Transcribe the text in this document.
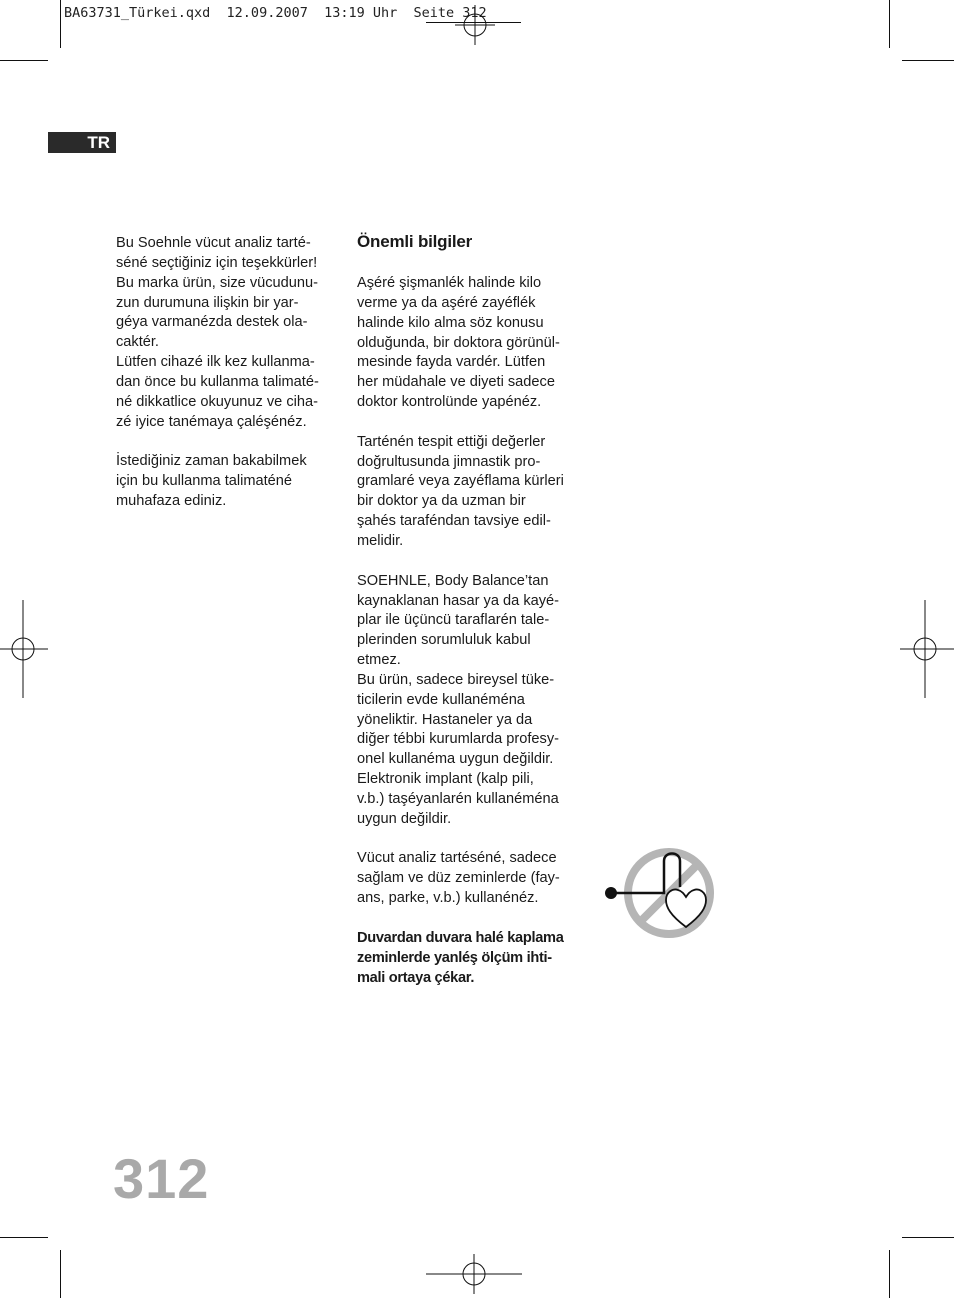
BA63731_Türkei.qxd  12.09.2007  13:19 Uhr  Seite 312
TR

Bu Soehnle vücut analiz tarté-
séné seçtiğiniz için teşekkürler!
Bu marka ürün, size vücudunu-
zun durumuna ilişkin bir yar-
géya varmanézda destek ola-
caktér.

Lütfen cihazé ilk kez kullanma-
dan önce bu kullanma talimaté-
né dikkatlice okuyunuz ve ciha-
zé iyice tanémaya çaléşénéz.

İstediğiniz zaman bakabilmek
için bu kullanma talimaténé
muhafaza ediniz.

Önemli bilgiler

Aşéré şişmanlék halinde kilo
verme ya da aşéré zayéflék
halinde kilo alma söz konusu
olduğunda, bir doktora görünül-
mesinde fayda vardér. Lütfen
her müdahale ve diyeti sadece
doktor kontrolünde yapénéz.

Tarténén tespit ettiği değerler
doğrultusunda jimnastik pro-
gramlaré veya zayéflama kürleri
bir doktor ya da uzman bir
şahés taraféndan tavsiye edil-
melidir.

SOEHNLE, Body Balance’tan
kaynaklanan hasar ya da kayé-
plar ile üçüncü taraflarén tale-
plerinden sorumluluk kabul
etmez.

Bu ürün, sadece bireysel tüke-
ticilerin evde kullanéména
yöneliktir. Hastaneler ya da
diğer tébbi kurumlarda profesy-
onel kullanéma uygun değildir.
Elektronik implant (kalp pili,
v.b.) taşéyanlarén kullanéména
uygun değildir.

Vücut analiz tartéséné, sadece
sağlam ve düz zeminlerde (fay-
ans, parke, v.b.) kullanénéz.

Duvardan duvara halé kaplama
zeminlerde yanléş ölçüm ihti-
mali ortaya çékar.

312
